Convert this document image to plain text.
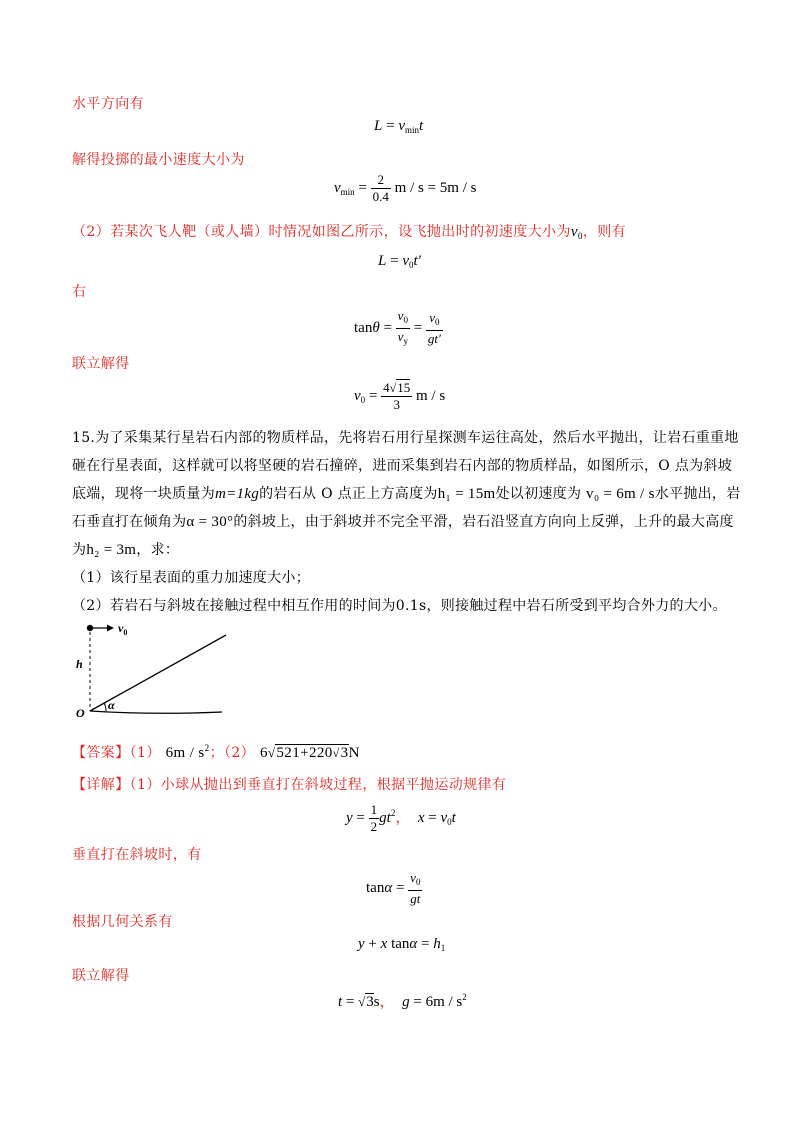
水平方向有
$L = v_{min}t$
解得投掷的最小速度大小为
$v_{min} = \frac{2}{0.4}$ m / s = 5m / s
（2）若某次飞人靶（或人墙）时情况如图乙所示，设飞抛出时的初速度大小为$v_0$，则有
$L = v_0t'$
右
$\tan\theta = \frac{v_0}{v_y} = \frac{v_0}{gt'}$
联立解得
$v_0 = \frac{4√15}{3}$ m / s
15.为了采集某行星岩石内部的物质样品，先将岩石用行星探测车运往高处，然后水平抛出，让岩石重重地
砸在行星表面，这样就可以将坚硬的岩石撞碎，进而采集到岩石内部的物质样品，如图所示，O 点为斜坡
底端，现将一块质量为m=1kg的岩石从 O 点正上方高度为h₁ = 15m处以初速度为 v₀ = 6m / s水平抛出，岩
石垂直打在倾角为α = 30°的斜坡上，由于斜坡并不完全平滑，岩石沿竖直方向向上反弹，上升的最大高度
为h₂ = 3m，求：
（1）该行星表面的重力加速度大小；
（2）若岩石与斜坡在接触过程中相互作用的时间为0.1s，则接触过程中岩石所受到平均合外力的大小。
$v_0$
h
O
α
【答案】（1） $6m / s^2$；（2） 6√521+220√3N
【详解】（1）小球从抛出到垂直打在斜坡过程，根据平抛运动规律有
$y = \frac{1}{2} gt^2$， $x = v_0t$
垂直打在斜坡时，有
$\tan\alpha = \frac{v_0}{gt}$
根据几何关系有
y + x $\tan\alpha = h_1$
联立解得
t = √3s， $g = 6m / s^2$
